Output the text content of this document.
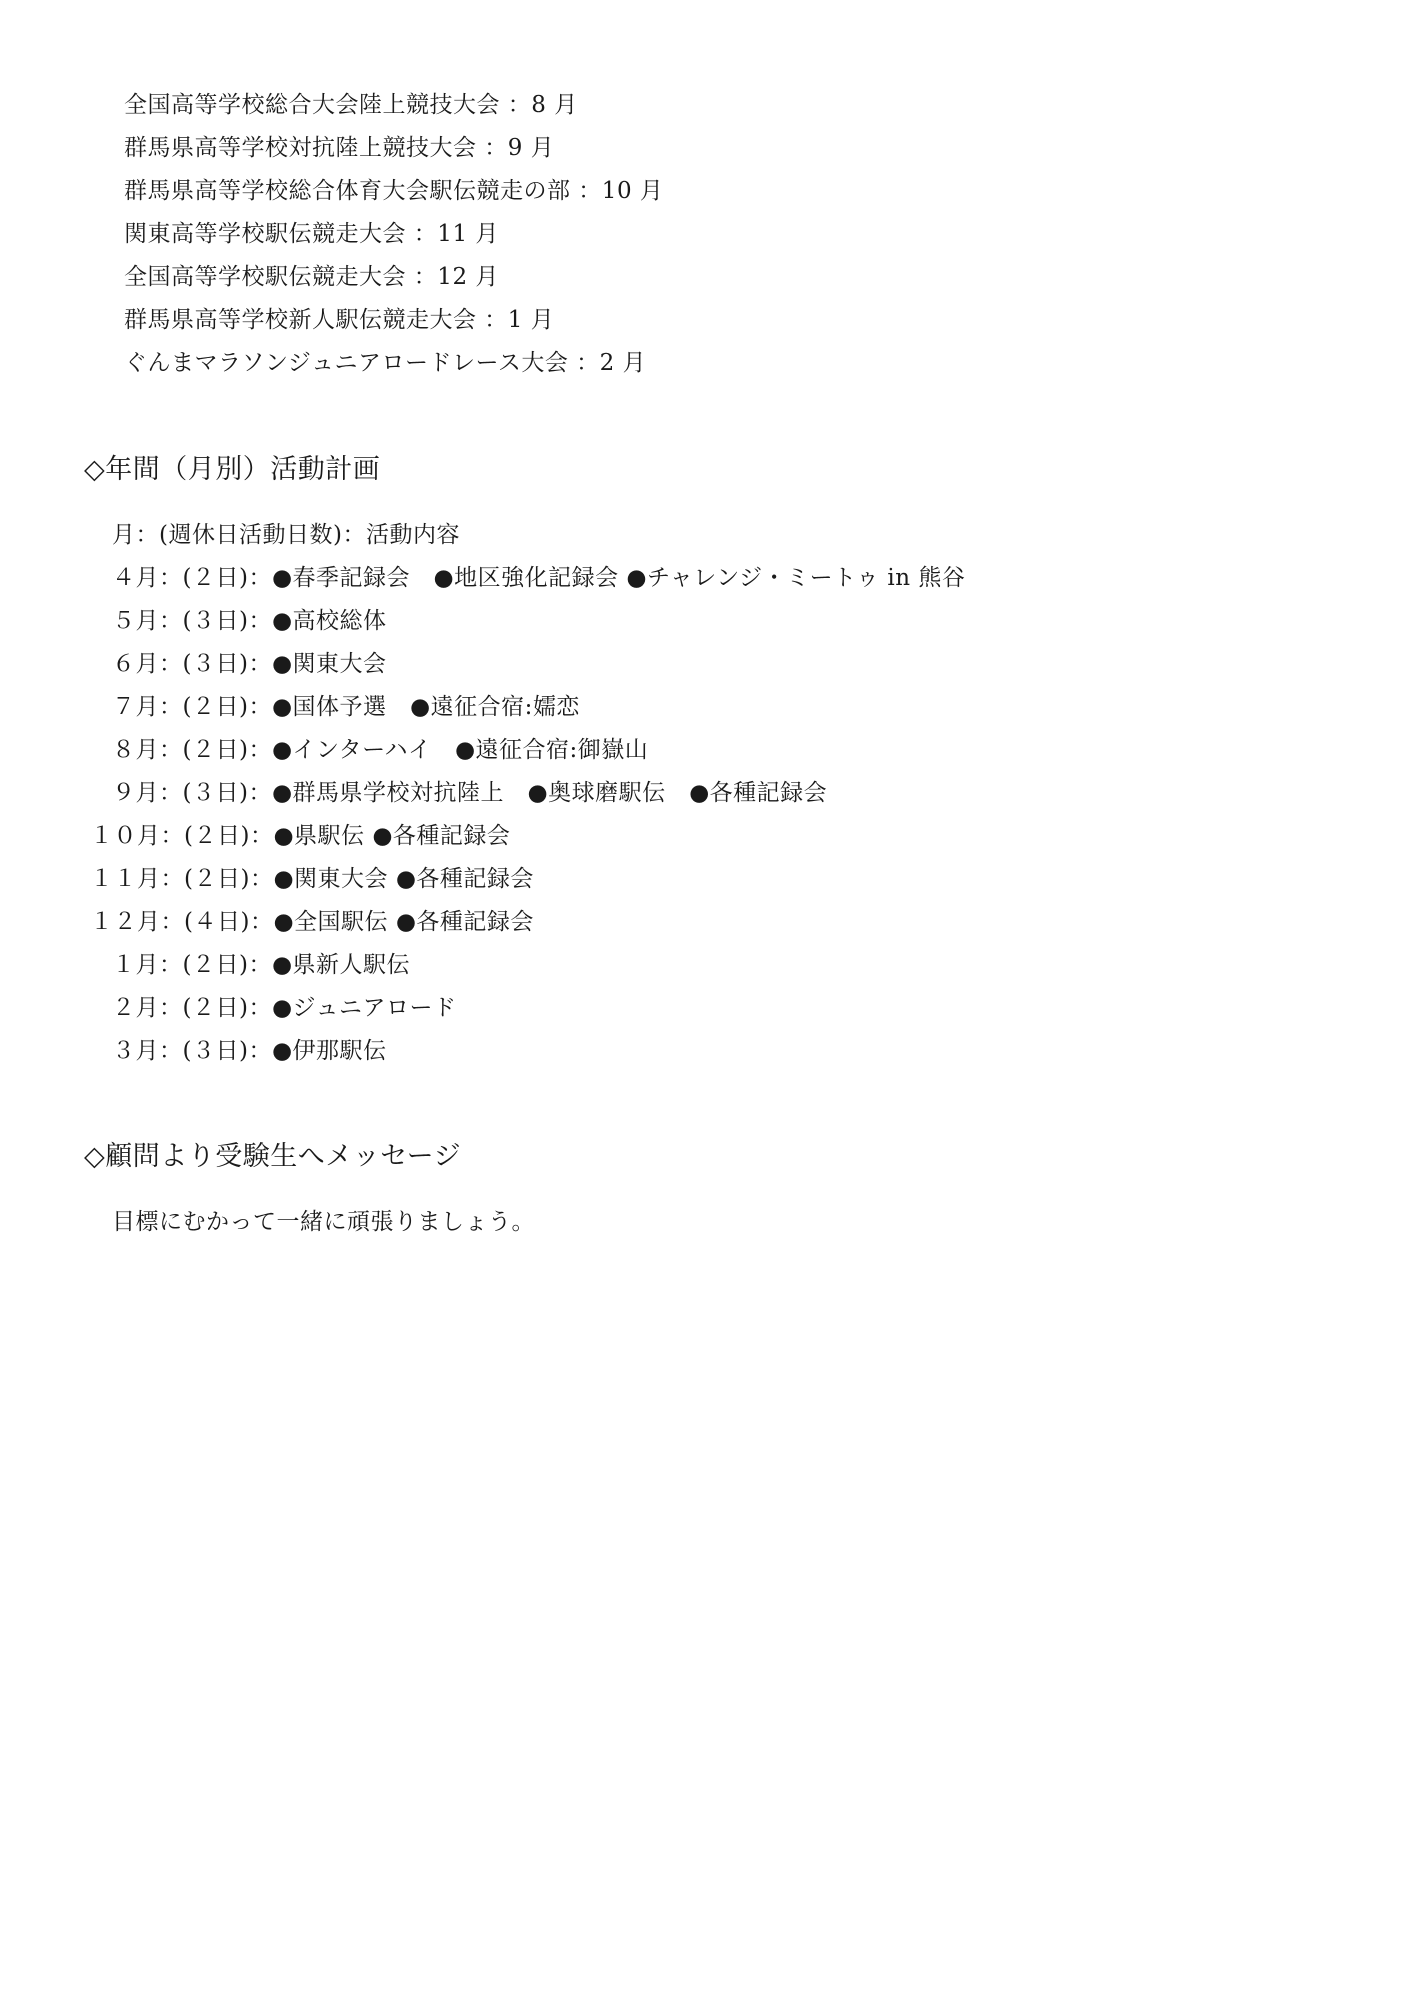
全国高等学校総合大会陸上競技大会 ：8 月
群馬県高等学校対抗陸上競技大会 ：9 月
群馬県高等学校総合体育大会駅伝競走の部 ：10 月
関東高等学校駅伝競走大会 ：11 月
全国高等学校駅伝競走大会 ：12 月
群馬県高等学校新人駅伝競走大会 ：1 月
ぐんまマラソンジュニアロードレース大会 ：2 月
◇年間（月別）活動計画
月：(週休日活動日数)：活動内容
４月：(２日)：●春季記録会　●地区強化記録会 ●チャレンジ・ミートゥ in 熊谷
５月：(３日)：●高校総体
６月：(３日)：●関東大会
７月：(２日)：●国体予選　●遠征合宿:嬬恋
８月：(２日)：●インターハイ　●遠征合宿:御嶽山
９月：(３日)：●群馬県学校対抗陸上　●奥球磨駅伝　●各種記録会
１０月：(２日)：●県駅伝 ●各種記録会
１１月：(２日)：●関東大会 ●各種記録会
１２月：(４日)：●全国駅伝 ●各種記録会
１月：(２日)：●県新人駅伝
２月：(２日)：●ジュニアロード
３月：(３日)：●伊那駅伝
◇顧問より受験生へメッセージ
目標にむかって一緒に頑張りましょう。
